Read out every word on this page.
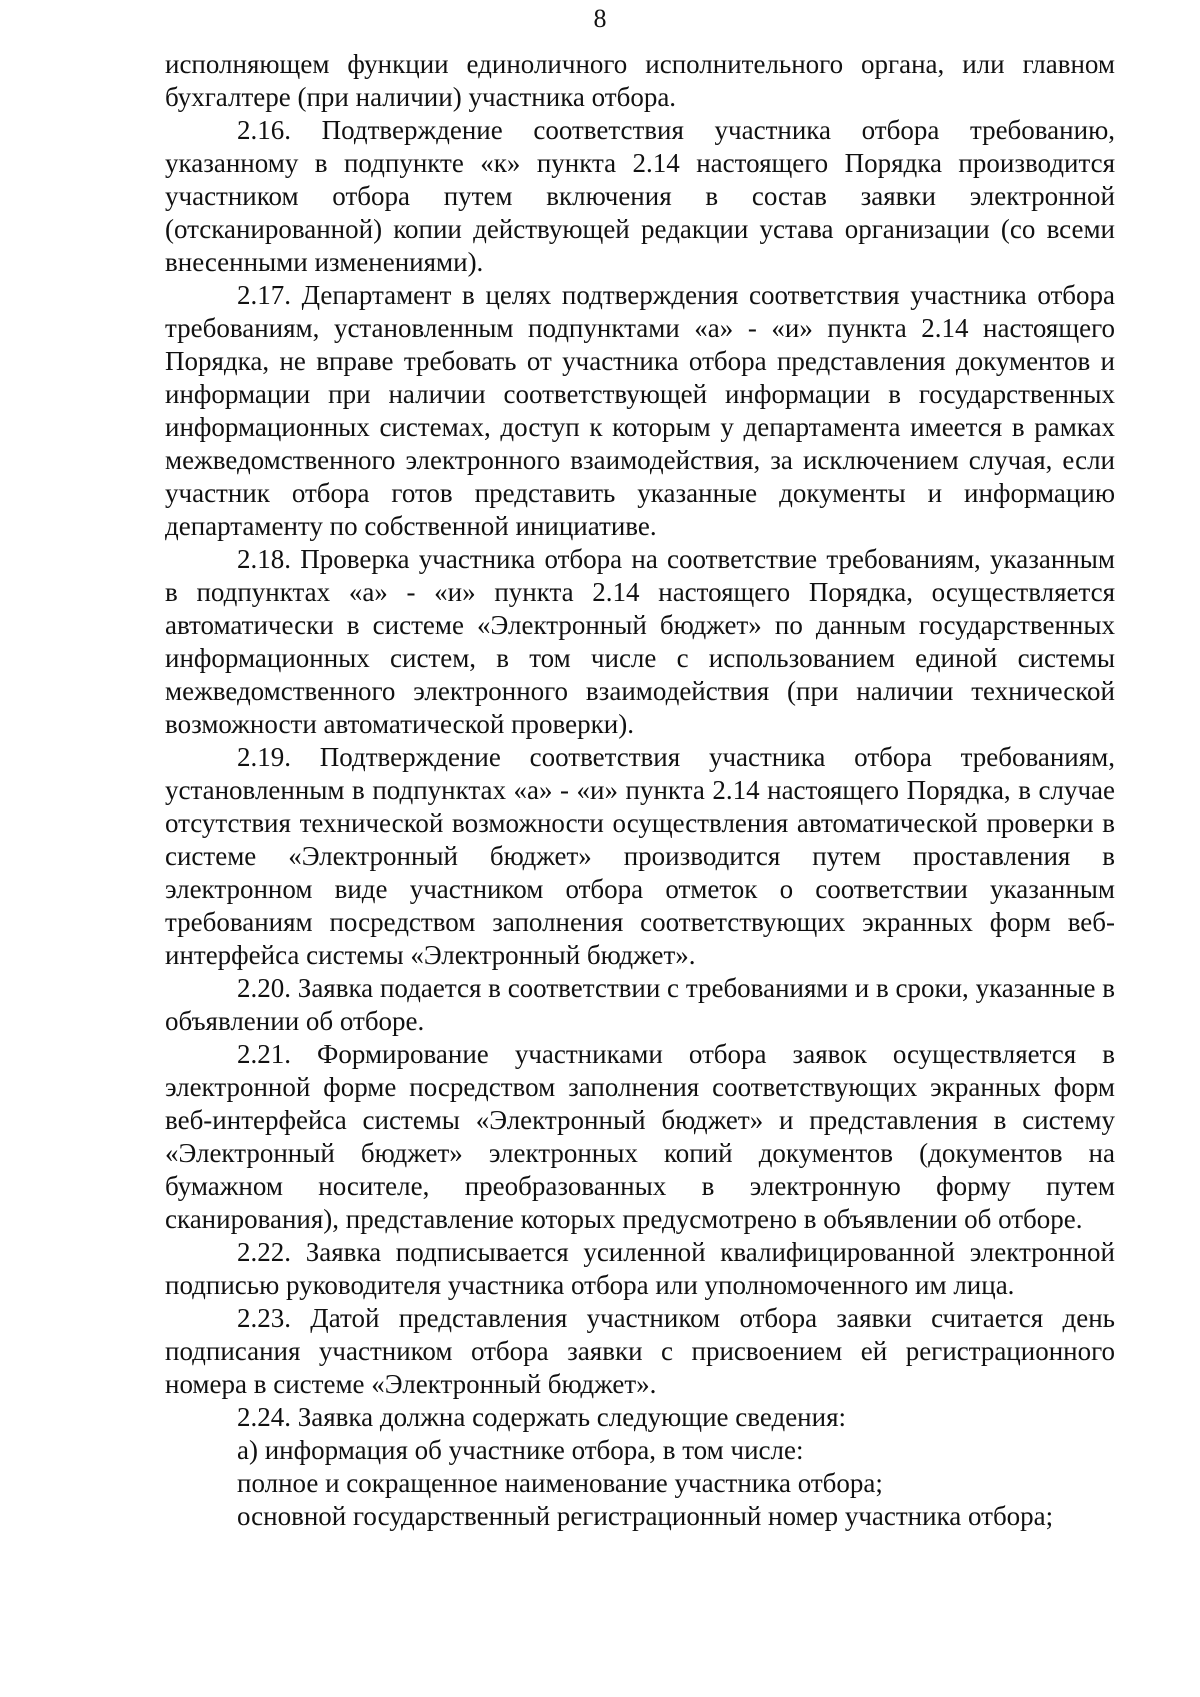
8

исполняющем функции единоличного исполнительного органа, или главном бухгалтере (при наличии) участника отбора.

2.16. Подтверждение соответствия участника отбора требованию, указанному в подпункте «к» пункта 2.14 настоящего Порядка производится участником отбора путем включения в состав заявки электронной (отсканированной) копии действующей редакции устава организации (со всеми внесенными изменениями).

2.17. Департамент в целях подтверждения соответствия участника отбора требованиям, установленным подпунктами «а» - «и» пункта 2.14 настоящего Порядка, не вправе требовать от участника отбора представления документов и информации при наличии соответствующей информации в государственных информационных системах, доступ к которым у департамента имеется в рамках межведомственного электронного взаимодействия, за исключением случая, если участник отбора готов представить указанные документы и информацию департаменту по собственной инициативе.

2.18. Проверка участника отбора на соответствие требованиям, указанным в подпунктах «а» - «и» пункта 2.14 настоящего Порядка, осуществляется автоматически в системе «Электронный бюджет» по данным государственных информационных систем, в том числе с использованием единой системы межведомственного электронного взаимодействия (при наличии технической возможности автоматической проверки).

2.19. Подтверждение соответствия участника отбора требованиям, установленным в подпунктах «а» - «и» пункта 2.14 настоящего Порядка, в случае отсутствия технической возможности осуществления автоматической проверки в системе «Электронный бюджет» производится путем проставления в электронном виде участником отбора отметок о соответствии указанным требованиям посредством заполнения соответствующих экранных форм веб-интерфейса системы «Электронный бюджет».

2.20. Заявка подается в соответствии с требованиями и в сроки, указанные в объявлении об отборе.

2.21. Формирование участниками отбора заявок осуществляется в электронной форме посредством заполнения соответствующих экранных форм веб-интерфейса системы «Электронный бюджет» и представления в систему «Электронный бюджет» электронных копий документов (документов на бумажном носителе, преобразованных в электронную форму путем сканирования), представление которых предусмотрено в объявлении об отборе.

2.22. Заявка подписывается усиленной квалифицированной электронной подписью руководителя участника отбора или уполномоченного им лица.

2.23. Датой представления участником отбора заявки считается день подписания участником отбора заявки с присвоением ей регистрационного номера в системе «Электронный бюджет».

2.24. Заявка должна содержать следующие сведения:

а) информация об участнике отбора, в том числе:

полное и сокращенное наименование участника отбора;

основной государственный регистрационный номер участника отбора;
